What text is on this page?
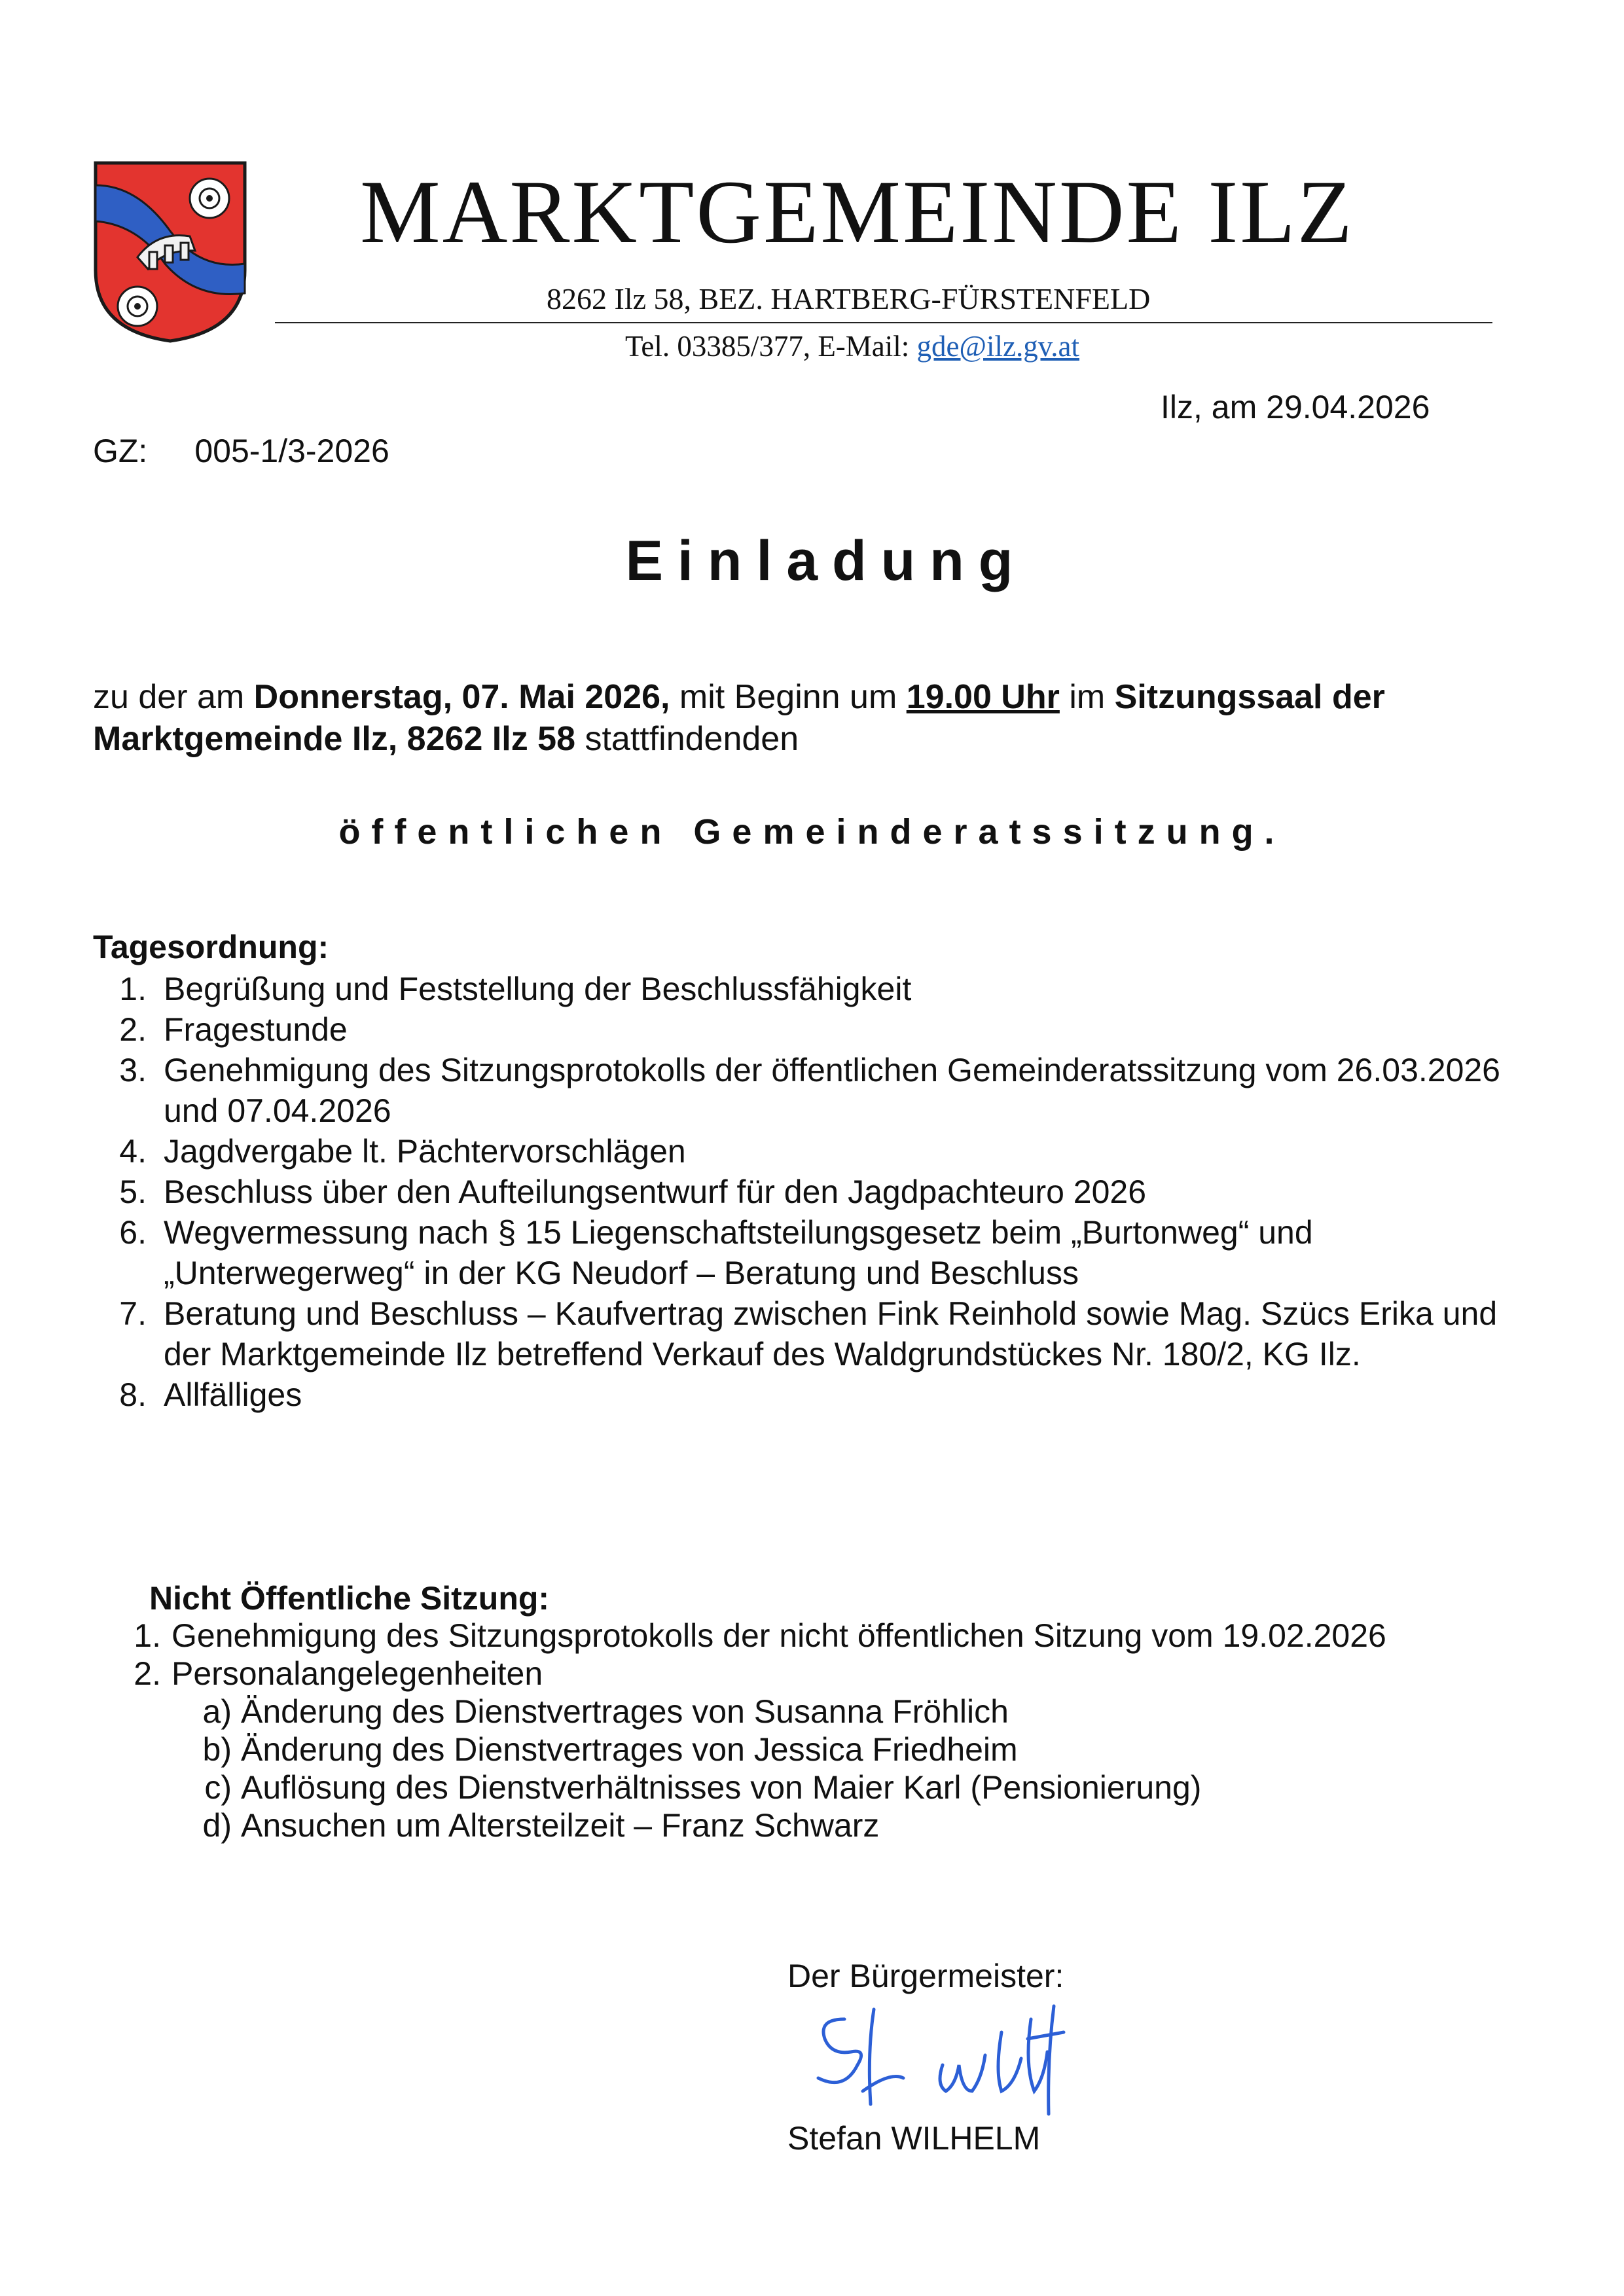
MARKTGEMEINDE ILZ
8262 Ilz 58, BEZ. HARTBERG-FÜRSTENFELD
Tel. 03385/377, E-Mail: gde@ilz.gv.at
Ilz, am 29.04.2026
GZ: 005-1/3-2026
Einladung
zu der am Donnerstag, 07. Mai 2026, mit Beginn um 19.00 Uhr im Sitzungssaal der Marktgemeinde Ilz, 8262 Ilz 58 stattfindenden
öffentlichen Gemeinderatssitzung.
Tagesordnung:
1. Begrüßung und Feststellung der Beschlussfähigkeit
2. Fragestunde
3. Genehmigung des Sitzungsprotokolls der öffentlichen Gemeinderatssitzung vom 26.03.2026 und 07.04.2026
4. Jagdvergabe lt. Pächtervorschlägen
5. Beschluss über den Aufteilungsentwurf für den Jagdpachteuro 2026
6. Wegvermessung nach § 15 Liegenschaftsteilungsgesetz beim „Burtonweg“ und „Unterwegerweg“ in der KG Neudorf – Beratung und Beschluss
7. Beratung und Beschluss – Kaufvertrag zwischen Fink Reinhold sowie Mag. Szücs Erika und der Marktgemeinde Ilz betreffend Verkauf des Waldgrundstückes Nr. 180/2, KG Ilz.
8. Allfälliges
Nicht Öffentliche Sitzung:
1. Genehmigung des Sitzungsprotokolls der nicht öffentlichen Sitzung vom 19.02.2026
2. Personalangelegenheiten
a) Änderung des Dienstvertrages von Susanna Fröhlich
b) Änderung des Dienstvertrages von Jessica Friedheim
c) Auflösung des Dienstverhältnisses von Maier Karl (Pensionierung)
d) Ansuchen um Altersteilzeit – Franz Schwarz
Der Bürgermeister:
Stefan WILHELM
